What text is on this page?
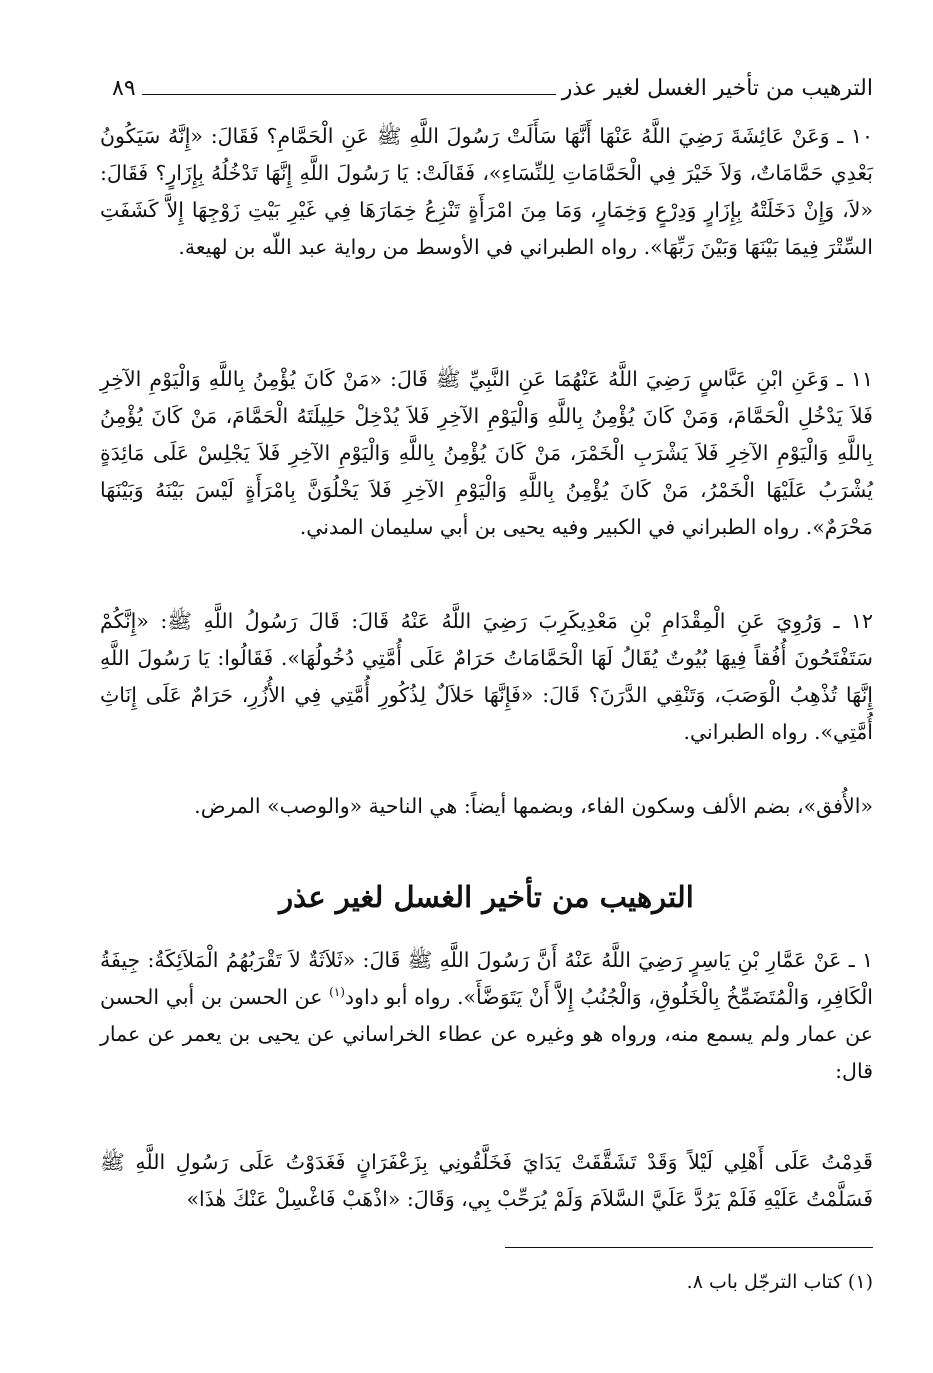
الترهيب من تأخير الغسل لغير عذر
٨٩

١٠ ـ وَعَنْ عَائِشَةَ رَضِيَ اللَّهُ عَنْهَا أَنَّهَا سَأَلَتْ رَسُولَ اللَّهِ ﷺ عَنِ الْحَمَّامِ؟ فَقَالَ: «إِنَّهُ سَيَكُونُ بَعْدِي حَمَّامَاتٌ، وَلاَ خَيْرَ فِي الْحَمَّامَاتِ لِلنِّسَاءِ»، فَقَالَتْ: يَا رَسُولَ اللَّهِ إِنَّهَا تَدْخُلُهُ بِإِزَارٍ؟ فَقَالَ: «لاَ، وَإِنْ دَخَلَتْهُ بِإِزَارٍ وَدِرْعٍ وَخِمَارٍ، وَمَا مِنَ امْرَأَةٍ تَنْزِعُ خِمَارَهَا فِي غَيْرِ بَيْتِ زَوْجِهَا إِلاَّ كَشَفَتِ السِّتْرَ فِيمَا بَيْنَهَا وَبَيْنَ رَبِّهَا». رواه الطبراني في الأوسط من رواية عبد اللّه بن لهيعة.

١١ ـ وَعَنِ ابْنِ عَبَّاسٍ رَضِيَ اللَّهُ عَنْهُمَا عَنِ النَّبِيِّ ﷺ قَالَ: «مَنْ كَانَ يُؤْمِنُ بِاللَّهِ وَالْيَوْمِ الآخِرِ فَلاَ يَدْخُلِ الْحَمَّامَ، وَمَنْ كَانَ يُؤْمِنُ بِاللَّهِ وَالْيَوْمِ الآخِرِ فَلاَ يُدْخِلْ حَلِيلَتَهُ الْحَمَّامَ، مَنْ كَانَ يُؤْمِنُ بِاللَّهِ وَالْيَوْمِ الآخِرِ فَلاَ يَشْرَبِ الْخَمْرَ، مَنْ كَانَ يُؤْمِنُ بِاللَّهِ وَالْيَوْمِ الآخِرِ فَلاَ يَجْلِسْ عَلَى مَائِدَةٍ يُشْرَبُ عَلَيْهَا الْخَمْرُ، مَنْ كَانَ يُؤْمِنُ بِاللَّهِ وَالْيَوْمِ الآخِرِ فَلاَ يَخْلُوَنَّ بِامْرَأَةٍ لَيْسَ بَيْنَهُ وَبَيْنَهَا مَحْرَمٌ». رواه الطبراني في الكبير وفيه يحيى بن أبي سليمان المدني.

١٢ ـ وَرُوِيَ عَنِ الْمِقْدَامِ بْنِ مَعْدِيكَرِبَ رَضِيَ اللَّهُ عَنْهُ قَالَ: قَالَ رَسُولُ اللَّهِ ﷺ: «إِنَّكُمْ سَتَفْتَحُونَ أُفُقاً فِيهَا بُيُوتٌ يُقَالُ لَهَا الْحَمَّامَاتُ حَرَامٌ عَلَى أُمَّتِي دُخُولُهَا». فَقَالُوا: يَا رَسُولَ اللَّهِ إِنَّهَا تُذْهِبُ الْوَصَبَ، وَتَنْقِي الدَّرَنَ؟ قَالَ: «فَإِنَّهَا حَلاَلٌ لِذُكُورِ أُمَّتِي فِي الأُزُرِ، حَرَامٌ عَلَى إِنَاثِ أُمَّتِي». رواه الطبراني.

«الأُفق»، بضم الألف وسكون الفاء، وبضمها أيضاً: هي الناحية «والوصب» المرض.

الترهيب من تأخير الغسل لغير عذر

١ ـ عَنْ عَمَّارِ بْنِ يَاسِرٍ رَضِيَ اللَّهُ عَنْهُ أَنَّ رَسُولَ اللَّهِ ﷺ قَالَ: «ثَلاَثَةٌ لاَ تَقْرَبُهُمُ الْمَلاَئِكَةُ: جِيفَةُ الْكَافِرِ، وَالْمُتَضَمِّخُ بِالْخَلُوقِ، وَالْجُنُبُ إِلاَّ أَنْ يَتَوَضَّأَ». رواه أبو داود$^{(١)}$ عن الحسن بن أبي الحسن عن عمار ولم يسمع منه، ورواه هو وغيره عن عطاء الخراساني عن يحيى بن يعمر عن عمار قال:

قَدِمْتُ عَلَى أَهْلِي لَيْلاً وَقَدْ تَشَقَّقَتْ يَدَايَ فَخَلَّقُونِي بِزَعْفَرَانٍ فَغَدَوْتُ عَلَى رَسُولِ اللَّهِ ﷺ فَسَلَّمْتُ عَلَيْهِ فَلَمْ يَرُدَّ عَلَيَّ السَّلاَمَ وَلَمْ يُرَحِّبْ بِي، وَقَالَ: «اذْهَبْ فَاغْسِلْ عَنْكَ هٰذَا»

(١) كتاب الترجّل باب ٨.
